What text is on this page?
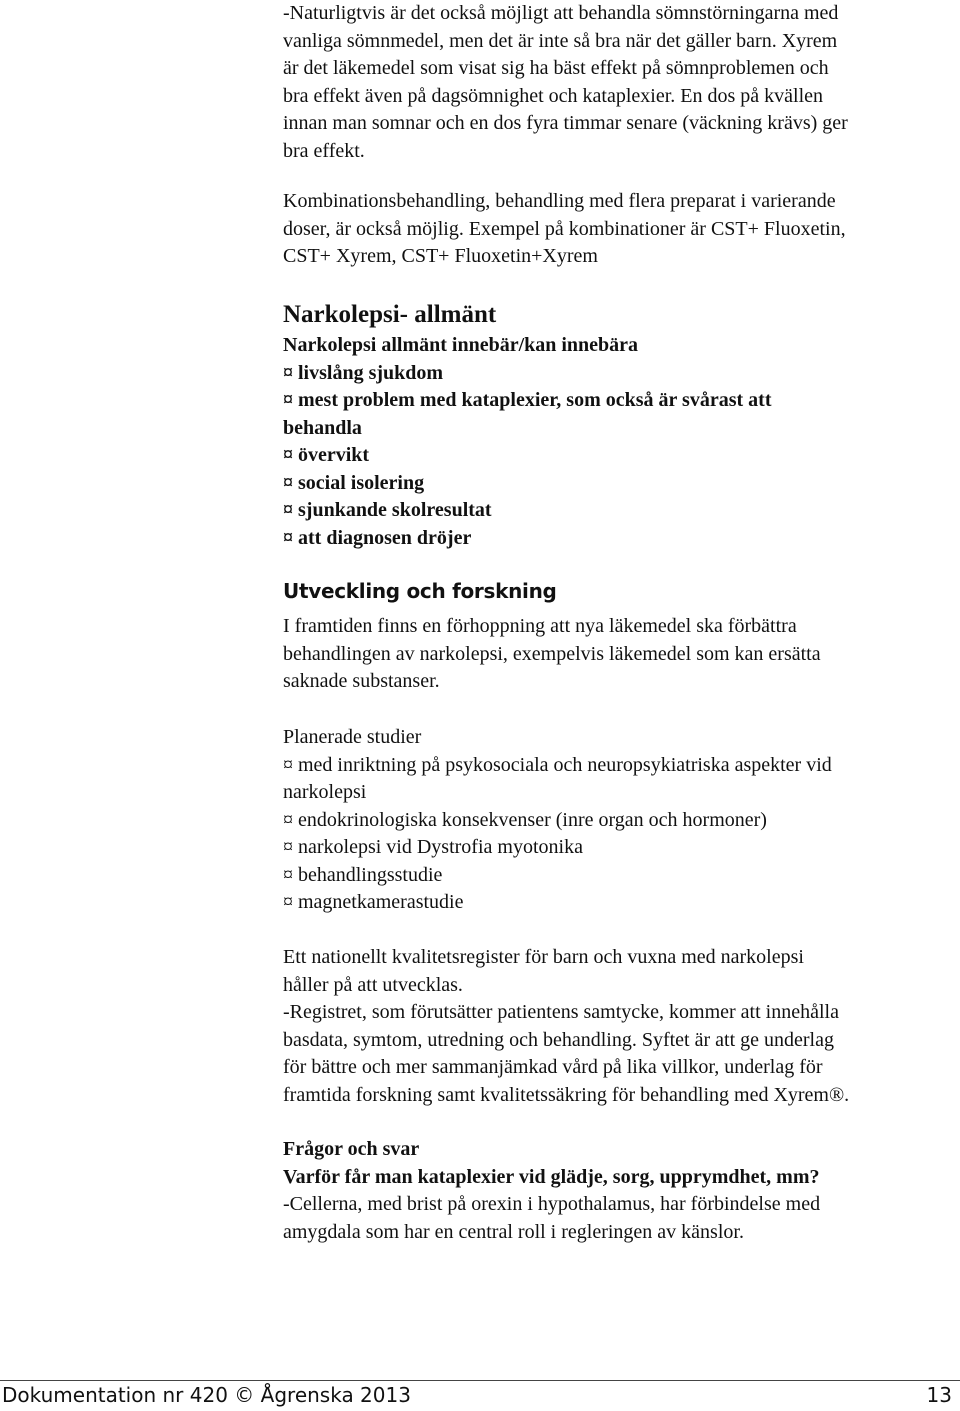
-Naturligtvis är det också möjligt att behandla sömnstörningarna med

vanliga sömnmedel, men det är inte så bra när det gäller barn. Xyrem

är det läkemedel som visat sig ha bäst effekt på sömnproblemen och

bra effekt även på dagsömnighet och kataplexier. En dos på kvällen

innan man somnar och en dos fyra timmar senare (väckning krävs) ger

bra effekt.

Kombinationsbehandling, behandling med flera preparat i varierande

doser, är också möjlig. Exempel på kombinationer är CST+ Fluoxetin,

CST+ Xyrem, CST+ Fluoxetin+Xyrem

Narkolepsi- allmänt

Narkolepsi allmänt innebär/kan innebära

¤ livslång sjukdom

¤ mest problem med kataplexier, som också är svårast att

behandla

¤ övervikt

¤ social isolering

¤ sjunkande skolresultat

¤ att diagnosen dröjer

Utveckling och forskning

I framtiden finns en förhoppning att nya läkemedel ska förbättra

behandlingen av narkolepsi, exempelvis läkemedel som kan ersätta

saknade substanser.

Planerade studier

¤ med inriktning på psykosociala och neuropsykiatriska aspekter vid

narkolepsi

¤ endokrinologiska konsekvenser (inre organ och hormoner)

¤ narkolepsi vid Dystrofia myotonika

¤ behandlingsstudie

¤ magnetkamerastudie

Ett nationellt kvalitetsregister för barn och vuxna med narkolepsi

håller på att utvecklas.

-Registret, som förutsätter patientens samtycke, kommer att innehålla

basdata, symtom, utredning och behandling. Syftet är att ge underlag

för bättre och mer sammanjämkad vård på lika villkor, underlag för

framtida forskning samt kvalitetssäkring för behandling med Xyrem®.

Frågor och svar

Varför får man kataplexier vid glädje, sorg, upprymdhet, mm?

-Cellerna, med brist på orexin i hypothalamus, har förbindelse med

amygdala som har en central roll i regleringen av känslor.

Dokumentation nr 420 © Ågrenska 2013	13
